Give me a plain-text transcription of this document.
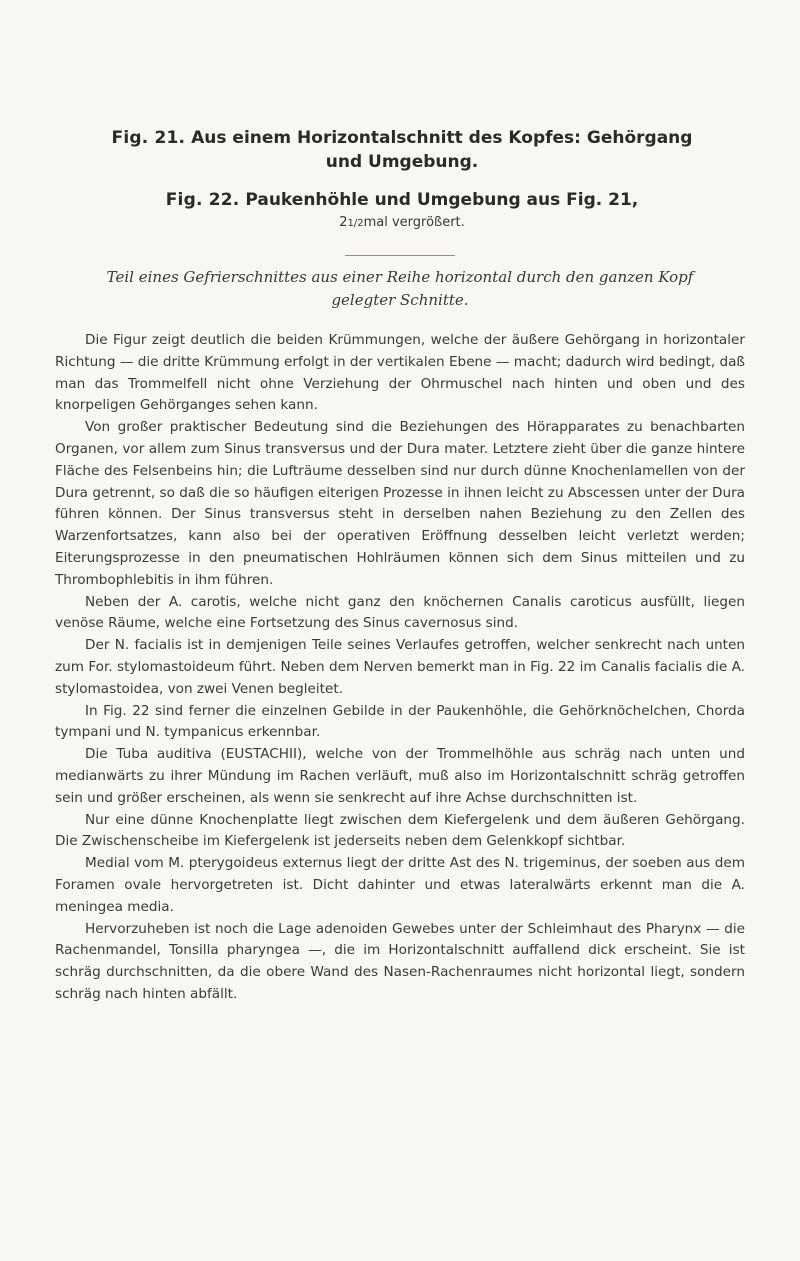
Fig. 21. Aus einem Horizontalschnitt des Kopfes: Gehörgang
und Umgebung.
Fig. 22. Paukenhöhle und Umgebung aus Fig. 21,
21/2mal vergrößert.
Teil eines Gefrierschnittes aus einer Reihe horizontal durch den ganzen Kopf
gelegter Schnitte.

Die Figur zeigt deutlich die beiden Krümmungen, welche der äußere Gehörgang in horizontaler Richtung — die dritte Krümmung erfolgt in der vertikalen Ebene — macht; dadurch wird bedingt, daß man das Trommelfell nicht ohne Verziehung der Ohrmuschel nach hinten und oben und des knorpeligen Gehörganges sehen kann.

Von großer praktischer Bedeutung sind die Beziehungen des Hörapparates zu benachbarten Organen, vor allem zum Sinus transversus und der Dura mater. Letztere zieht über die ganze hintere Fläche des Felsenbeins hin; die Lufträume desselben sind nur durch dünne Knochenlamellen von der Dura getrennt, so daß die so häufigen eiterigen Prozesse in ihnen leicht zu Abscessen unter der Dura führen können. Der Sinus transversus steht in derselben nahen Beziehung zu den Zellen des Warzenfortsatzes, kann also bei der operativen Eröffnung desselben leicht verletzt werden; Eiterungsprozesse in den pneumatischen Hohlräumen können sich dem Sinus mitteilen und zu Thrombophlebitis in ihm führen.

Neben der A. carotis, welche nicht ganz den knöchernen Canalis caroticus ausfüllt, liegen venöse Räume, welche eine Fortsetzung des Sinus cavernosus sind.

Der N. facialis ist in demjenigen Teile seines Verlaufes getroffen, welcher senkrecht nach unten zum For. stylomastoideum führt. Neben dem Nerven bemerkt man in Fig. 22 im Canalis facialis die A. stylomastoidea, von zwei Venen begleitet.

In Fig. 22 sind ferner die einzelnen Gebilde in der Paukenhöhle, die Gehörknöchelchen, Chorda tympani und N. tympanicus erkennbar.

Die Tuba auditiva (EUSTACHII), welche von der Trommelhöhle aus schräg nach unten und medianwärts zu ihrer Mündung im Rachen verläuft, muß also im Horizontalschnitt schräg getroffen sein und größer erscheinen, als wenn sie senkrecht auf ihre Achse durchschnitten ist.

Nur eine dünne Knochenplatte liegt zwischen dem Kiefergelenk und dem äußeren Gehörgang. Die Zwischenscheibe im Kiefergelenk ist jederseits neben dem Gelenkkopf sichtbar.

Medial vom M. pterygoideus externus liegt der dritte Ast des N. trigeminus, der soeben aus dem Foramen ovale hervorgetreten ist. Dicht dahinter und etwas lateralwärts erkennt man die A. meningea media.

Hervorzuheben ist noch die Lage adenoiden Gewebes unter der Schleimhaut des Pharynx — die Rachenmandel, Tonsilla pharyngea —, die im Horizontalschnitt auffallend dick erscheint. Sie ist schräg durchschnitten, da die obere Wand des Nasen-Rachenraumes nicht horizontal liegt, sondern schräg nach hinten abfällt.
